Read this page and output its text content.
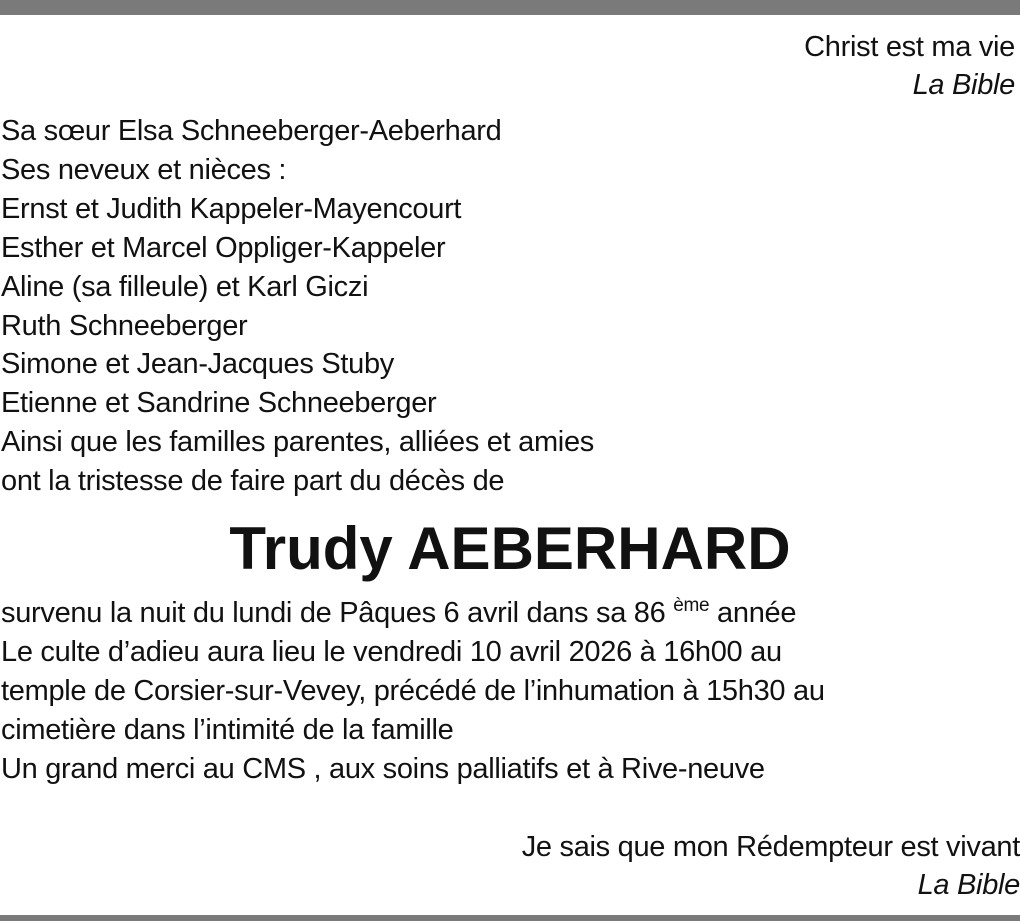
Christ est ma vie
La Bible
Sa sœur Elsa Schneeberger-Aeberhard
Ses neveux et nièces :
Ernst et Judith Kappeler-Mayencourt
Esther et Marcel Oppliger-Kappeler
Aline (sa filleule) et Karl Giczi
Ruth Schneeberger
Simone et Jean-Jacques Stuby
Etienne et Sandrine Schneeberger
Ainsi que les familles parentes, alliées et amies
ont la tristesse de faire part du décès de
Trudy AEBERHARD
survenu la nuit du lundi de Pâques 6 avril dans sa 86 $^{ème}$ année
Le culte d’adieu aura lieu le vendredi 10 avril 2026 à 16h00 au
temple de Corsier-sur-Vevey, précédé de l’inhumation à 15h30 au
cimetière dans l’intimité de la famille
Un grand merci au CMS , aux soins palliatifs et à Rive-neuve
Je sais que mon Rédempteur est vivant
La Bible
